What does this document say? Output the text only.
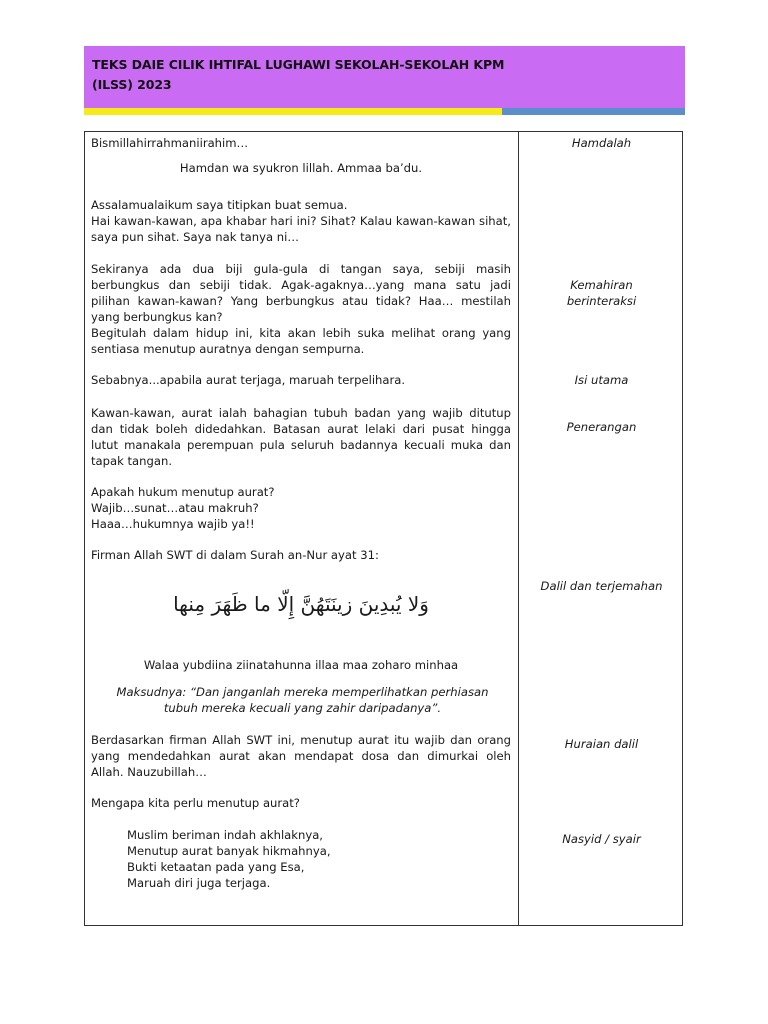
TEKS DAIE CILIK IHTIFAL LUGHAWI SEKOLAH-SEKOLAH KPM
(ILSS) 2023
Bismillahirrahmaniirahim…
Hamdan wa syukron lillah. Ammaa ba’du.
Assalamualaikum saya titipkan buat semua.
Hai kawan-kawan, apa khabar hari ini? Sihat? Kalau kawan-kawan sihat, saya pun sihat. Saya nak tanya ni…
Sekiranya ada dua biji gula-gula di tangan saya, sebiji masih berbungkus dan sebiji tidak. Agak-agaknya…yang mana satu jadi pilihan kawan-kawan? Yang berbungkus atau tidak? Haa… mestilah yang berbungkus kan?
Begitulah dalam hidup ini, kita akan lebih suka melihat orang yang sentiasa menutup auratnya dengan sempurna.
Sebabnya...apabila aurat terjaga, maruah terpelihara.
Kawan-kawan, aurat ialah bahagian tubuh badan yang wajib ditutup dan tidak boleh didedahkan. Batasan aurat lelaki dari pusat hingga lutut manakala perempuan pula seluruh badannya kecuali muka dan tapak tangan.
Apakah hukum menutup aurat?
Wajib…sunat…atau makruh?
Haaa…hukumnya wajib ya!!
Firman Allah SWT di dalam Surah an-Nur ayat 31:
وَلا يُبدِينَ زينَتَهُنَّ إِلّا ما ظَهَرَ مِنها
Walaa yubdiina ziinatahunna illaa maa zoharo minhaa
Maksudnya: “Dan janganlah mereka memperlihatkan perhiasan tubuh mereka kecuali yang zahir daripadanya”.
Berdasarkan firman Allah SWT ini, menutup aurat itu wajib dan orang yang mendedahkan aurat akan mendapat dosa dan dimurkai oleh Allah. Nauzubillah…
Mengapa kita perlu menutup aurat?
Muslim beriman indah akhlaknya,
Menutup aurat banyak hikmahnya,
Bukti ketaatan pada yang Esa,
Maruah diri juga terjaga.
Hamdalah
Kemahiran
berinteraksi
Isi utama
Penerangan
Dalil dan terjemahan
Huraian dalil
Nasyid / syair
